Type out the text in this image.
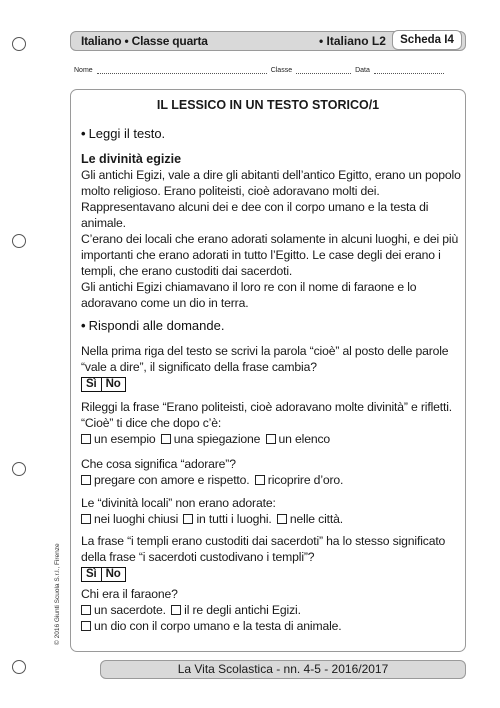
Italiano • Classe quarta	• Italiano L2	Scheda I4
Nome	Classe	Data
IL LESSICO IN UN TESTO STORICO/1
• Leggi il testo.
Le divinità egizie

Gli antichi Egizi, vale a dire gli abitanti dell’antico Egitto, erano un popolo molto religioso. Erano politeisti, cioè adoravano molti dei. Rappresentavano alcuni dei e dee con il corpo umano e la testa di animale.

C’erano dei locali che erano adorati solamente in alcuni luoghi, e dei più importanti che erano adorati in tutto l’Egitto. Le case degli dei erano i templi, che erano custoditi dai sacerdoti.

Gli antichi Egizi chiamavano il loro re con il nome di faraone e lo adoravano come un dio in terra.

• Rispondi alle domande.
Nella prima riga del testo se scrivi la parola “cioè” al posto delle parole “vale a dire”, il significato della frase cambia?
Sì No
Rileggi la frase “Erano politeisti, cioè adoravano molte divinità” e rifletti. “Cioè” ti dice che dopo c’è:
un esempio una spiegazione un elenco
Che cosa significa “adorare”?
pregare con amore e rispetto. ricoprire d’oro.
Le “divinità locali” non erano adorate:
nei luoghi chiusi in tutti i luoghi. nelle città.
La frase “i templi erano custoditi dai sacerdoti” ha lo stesso significato della frase “i sacerdoti custodivano i templi”?
Sì No
Chi era il faraone?
un sacerdote. il re degli antichi Egizi.
un dio con il corpo umano e la testa di animale.
© 2016 Giunti Scuola S.r.l., Firenze
La Vita Scolastica - nn. 4-5 - 2016/2017
